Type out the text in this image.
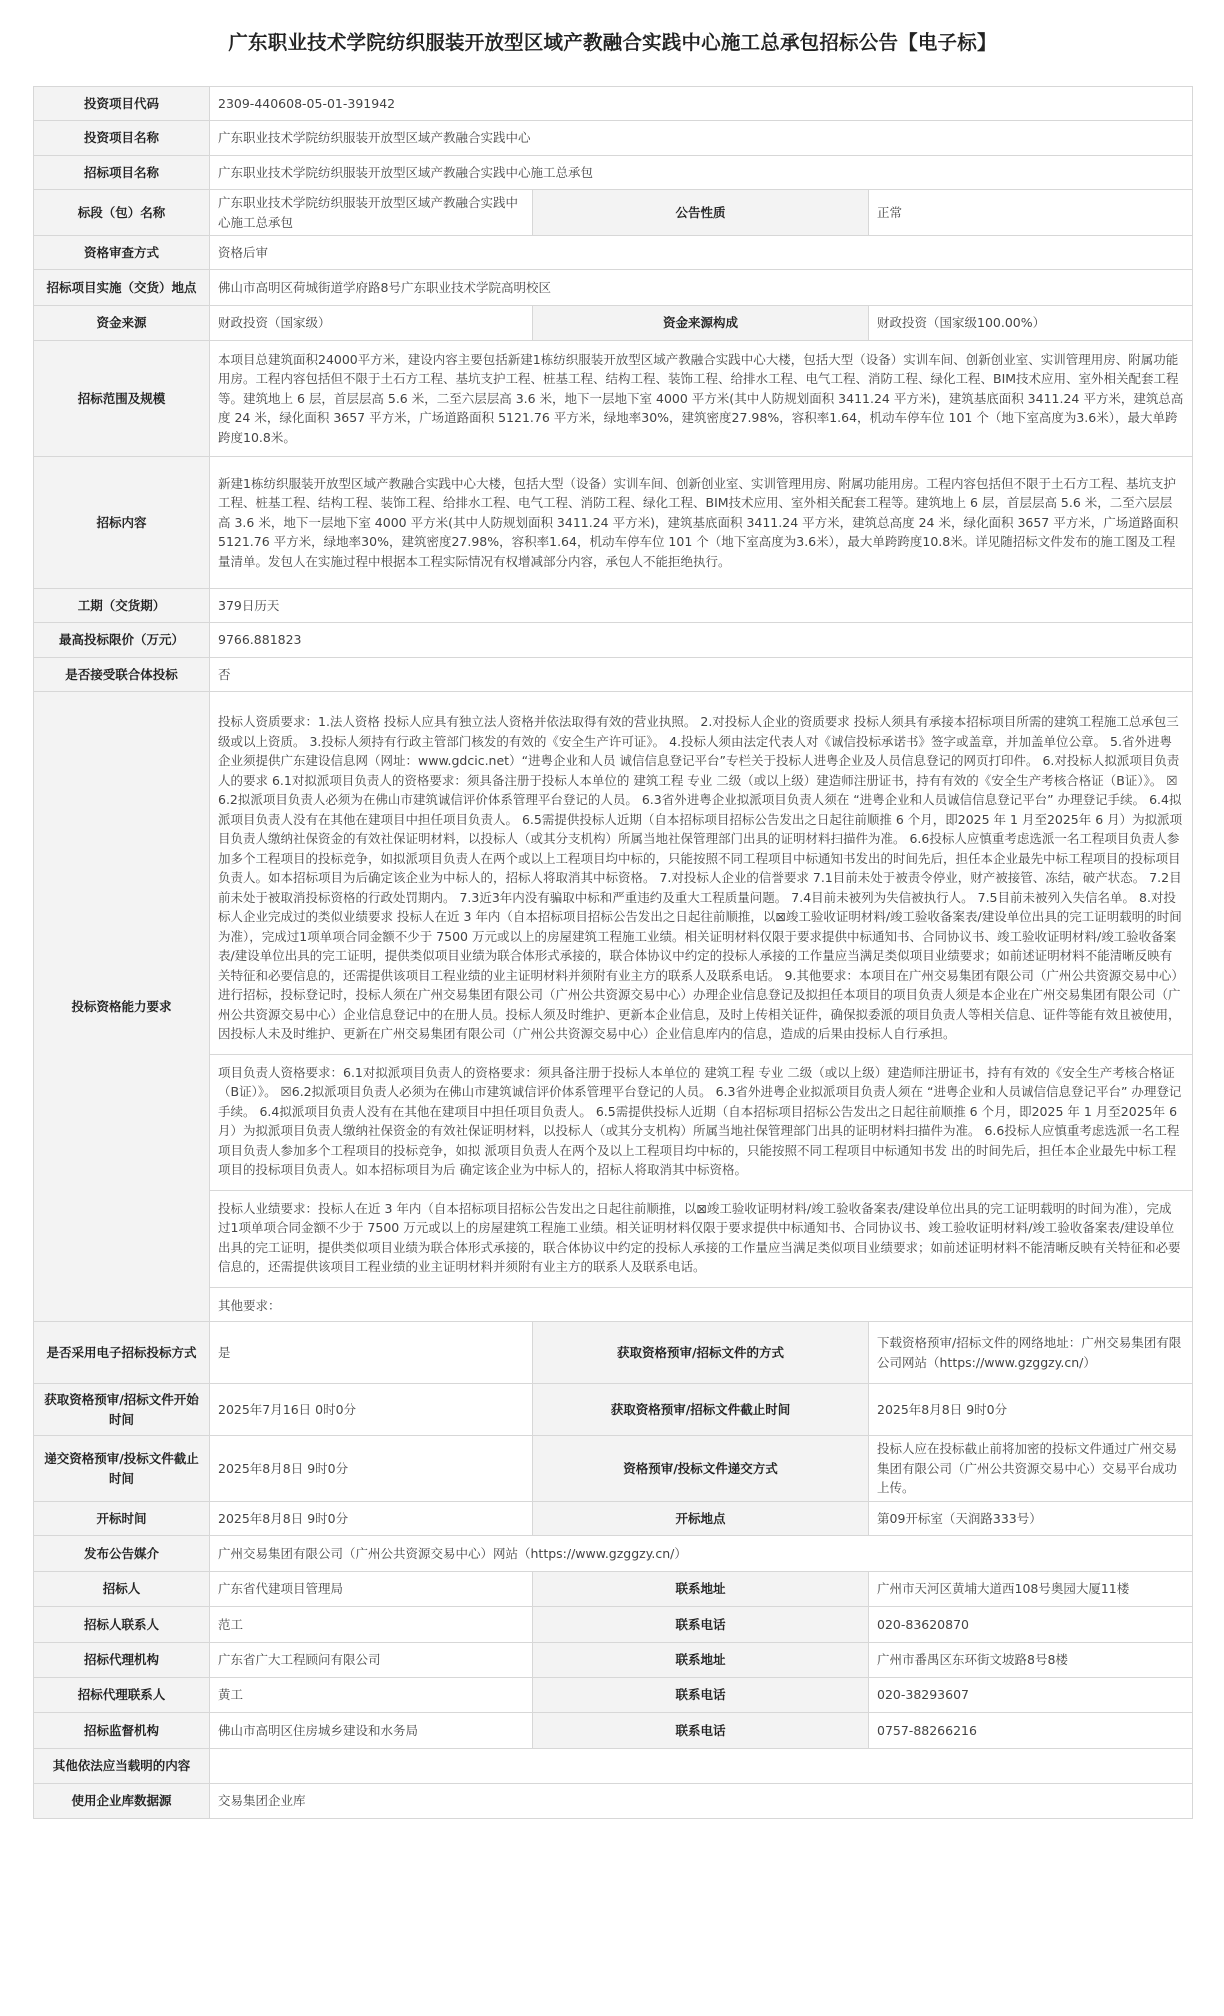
广东职业技术学院纺织服装开放型区域产教融合实践中心施工总承包招标公告【电子标】
投资项目代码	2309-440608-05-01-391942		
投资项目名称	广东职业技术学院纺织服装开放型区域产教融合实践中心		
招标项目名称	广东职业技术学院纺织服装开放型区域产教融合实践中心施工总承包		
标段（包）名称	广东职业技术学院纺织服装开放型区域产教融合实践中心施工总承包	公告性质	正常
资格审查方式	资格后审		
招标项目实施（交货）地点	佛山市高明区荷城街道学府路8号广东职业技术学院高明校区		
资金来源	财政投资（国家级）	资金来源构成	财政投资（国家级100.00%）
招标范围及规模	本项目总建筑面积24000平方米，建设内容主要包括新建1栋纺织服装开放型区域产教融合实践中心大楼，包括大型（设备）实训车间、创新创业室、实训管理用房、附属功能用房。工程内容包括但不限于土石方工程、基坑支护工程、桩基工程、结构工程、装饰工程、给排水工程、电气工程、消防工程、绿化工程、BIM技术应用、室外相关配套工程等。建筑地上 6 层，首层层高 5.6 米，二至六层层高 3.6 米，地下一层地下室 4000 平方米(其中人防规划面积 3411.24 平方米)，建筑基底面积 3411.24 平方米，建筑总高度 24 米，绿化面积 3657 平方米，广场道路面积 5121.76 平方米，绿地率30%，建筑密度27.98%，容积率1.64，机动车停车位 101 个（地下室高度为3.6米），最大单跨跨度10.8米。		
招标内容	新建1栋纺织服装开放型区域产教融合实践中心大楼，包括大型（设备）实训车间、创新创业室、实训管理用房、附属功能用房。工程内容包括但不限于土石方工程、基坑支护工程、桩基工程、结构工程、装饰工程、给排水工程、电气工程、消防工程、绿化工程、BIM技术应用、室外相关配套工程等。建筑地上 6 层，首层层高 5.6 米，二至六层层高 3.6 米，地下一层地下室 4000 平方米(其中人防规划面积 3411.24 平方米)，建筑基底面积 3411.24 平方米，建筑总高度 24 米，绿化面积 3657 平方米，广场道路面积 5121.76 平方米，绿地率30%，建筑密度27.98%，容积率1.64，机动车停车位 101 个（地下室高度为3.6米），最大单跨跨度10.8米。详见随招标文件发布的施工图及工程量清单。发包人在实施过程中根据本工程实际情况有权增减部分内容，承包人不能拒绝执行。		
工期（交货期）	379日历天		
最高投标限价（万元）	9766.881823		
是否接受联合体投标	否		
投标资格能力要求	投标人资质要求：1.法人资格 投标人应具有独立法人资格并依法取得有效的营业执照。 2.对投标人企业的资质要求 投标人须具有承接本招标项目所需的建筑工程施工总承包三级或以上资质。 3.投标人须持有行政主管部门核发的有效的《安全生产许可证》。 4.投标人须由法定代表人对《诚信投标承诺书》签字或盖章，并加盖单位公章。 5.省外进粤企业须提供广东建设信息网（网址：www.gdcic.net）“进粤企业和人员 诚信信息登记平台”专栏关于投标人进粤企业及人员信息登记的网页打印件。 6.对投标人拟派项目负责人的要求 6.1对拟派项目负责人的资格要求：须具备注册于投标人本单位的 建筑工程 专业 二级（或以上级）建造师注册证书，持有有效的《安全生产考核合格证（B证）》。 ☒6.2拟派项目负责人必须为在佛山市建筑诚信评价体系管理平台登记的人员。 6.3省外进粤企业拟派项目负责人须在 “进粤企业和人员诚信信息登记平台” 办理登记手续。 6.4拟派项目负责人没有在其他在建项目中担任项目负责人。 6.5需提供投标人近期（自本招标项目招标公告发出之日起往前顺推 6 个月，即2025 年 1 月至2025年 6 月）为拟派项目负责人缴纳社保资金的有效社保证明材料，以投标人（或其分支机构）所属当地社保管理部门出具的证明材料扫描件为准。 6.6投标人应慎重考虑选派一名工程项目负责人参加多个工程项目的投标竞争，如拟派项目负责人在两个或以上工程项目均中标的，只能按照不同工程项目中标通知书发出的时间先后，担任本企业最先中标工程项目的投标项目负责人。如本招标项目为后确定该企业为中标人的，招标人将取消其中标资格。 7.对投标人企业的信誉要求 7.1目前未处于被责令停业，财产被接管、冻结，破产状态。 7.2目前未处于被取消投标资格的行政处罚期内。 7.3近3年内没有骗取中标和严重违约及重大工程质量问题。 7.4目前未被列为失信被执行人。 7.5目前未被列入失信名单。 8.对投标人企业完成过的类似业绩要求 投标人在近 3 年内（自本招标项目招标公告发出之日起往前顺推，以⊠竣工验收证明材料/竣工验收备案表/建设单位出具的完工证明载明的时间为准），完成过1项单项合同金额不少于 7500 万元或以上的房屋建筑工程施工业绩。相关证明材料仅限于要求提供中标通知书、合同协议书、竣工验收证明材料/竣工验收备案表/建设单位出具的完工证明，提供类似项目业绩为联合体形式承接的，联合体协议中约定的投标人承接的工作量应当满足类似项目业绩要求；如前述证明材料不能清晰反映有关特征和必要信息的，还需提供该项目工程业绩的业主证明材料并须附有业主方的联系人及联系电话。 9.其他要求：本项目在广州交易集团有限公司（广州公共资源交易中心）进行招标，投标登记时，投标人须在广州交易集团有限公司（广州公共资源交易中心）办理企业信息登记及拟担任本项目的项目负责人须是本企业在广州交易集团有限公司（广州公共资源交易中心）企业信息登记中的在册人员。投标人须及时维护、更新本企业信息，及时上传相关证件，确保拟委派的项目负责人等相关信息、证件等能有效且被使用，因投标人未及时维护、更新在广州交易集团有限公司（广州公共资源交易中心）企业信息库内的信息，造成的后果由投标人自行承担。
项目负责人资格要求：6.1对拟派项目负责人的资格要求：须具备注册于投标人本单位的 建筑工程 专业 二级（或以上级）建造师注册证书，持有有效的《安全生产考核合格证（B证）》。 ☒6.2拟派项目负责人必须为在佛山市建筑诚信评价体系管理平台登记的人员。 6.3省外进粤企业拟派项目负责人须在 “进粤企业和人员诚信信息登记平台” 办理登记手续。 6.4拟派项目负责人没有在其他在建项目中担任项目负责人。 6.5需提供投标人近期（自本招标项目招标公告发出之日起往前顺推 6 个月，即2025 年 1 月至2025年 6 月）为拟派项目负责人缴纳社保资金的有效社保证明材料，以投标人（或其分支机构）所属当地社保管理部门出具的证明材料扫描件为准。 6.6投标人应慎重考虑选派一名工程项目负责人参加多个工程项目的投标竞争，如拟 派项目负责人在两个及以上工程项目均中标的，只能按照不同工程项目中标通知书发 出的时间先后，担任本企业最先中标工程项目的投标项目负责人。如本招标项目为后 确定该企业为中标人的，招标人将取消其中标资格。
投标人业绩要求：投标人在近 3 年内（自本招标项目招标公告发出之日起往前顺推，以⊠竣工验收证明材料/竣工验收备案表/建设单位出具的完工证明载明的时间为准），完成过1项单项合同金额不少于 7500 万元或以上的房屋建筑工程施工业绩。相关证明材料仅限于要求提供中标通知书、合同协议书、竣工验收证明材料/竣工验收备案表/建设单位出具的完工证明，提供类似项目业绩为联合体形式承接的，联合体协议中约定的投标人承接的工作量应当满足类似项目业绩要求；如前述证明材料不能清晰反映有关特征和必要信息的，还需提供该项目工程业绩的业主证明材料并须附有业主方的联系人及联系电话。
其他要求：		

是否采用电子招标投标方式	是	获取资格预审/招标文件的方式	下载资格预审/招标文件的网络地址：广州交易集团有限公司网站（https://www.gzggzy.cn/）
获取资格预审/招标文件开始时间	2025年7月16日 0时0分	获取资格预审/招标文件截止时间	2025年8月8日 9时0分
递交资格预审/投标文件截止时间	2025年8月8日 9时0分	资格预审/投标文件递交方式	投标人应在投标截止前将加密的投标文件通过广州交易集团有限公司（广州公共资源交易中心）交易平台成功上传。
开标时间	2025年8月8日 9时0分	开标地点	第09开标室（天润路333号）
发布公告媒介	广州交易集团有限公司（广州公共资源交易中心）网站（https://www.gzggzy.cn/）		
招标人	广东省代建项目管理局	联系地址	广州市天河区黄埔大道西108号奥园大厦11楼
招标人联系人	范工	联系电话	020-83620870
招标代理机构	广东省广大工程顾问有限公司	联系地址	广州市番禺区东环街文坡路8号8楼
招标代理联系人	黄工	联系电话	020-38293607
招标监督机构	佛山市高明区住房城乡建设和水务局	联系电话	0757-88266216
其他依法应当载明的内容			
使用企业库数据源	交易集团企业库		
